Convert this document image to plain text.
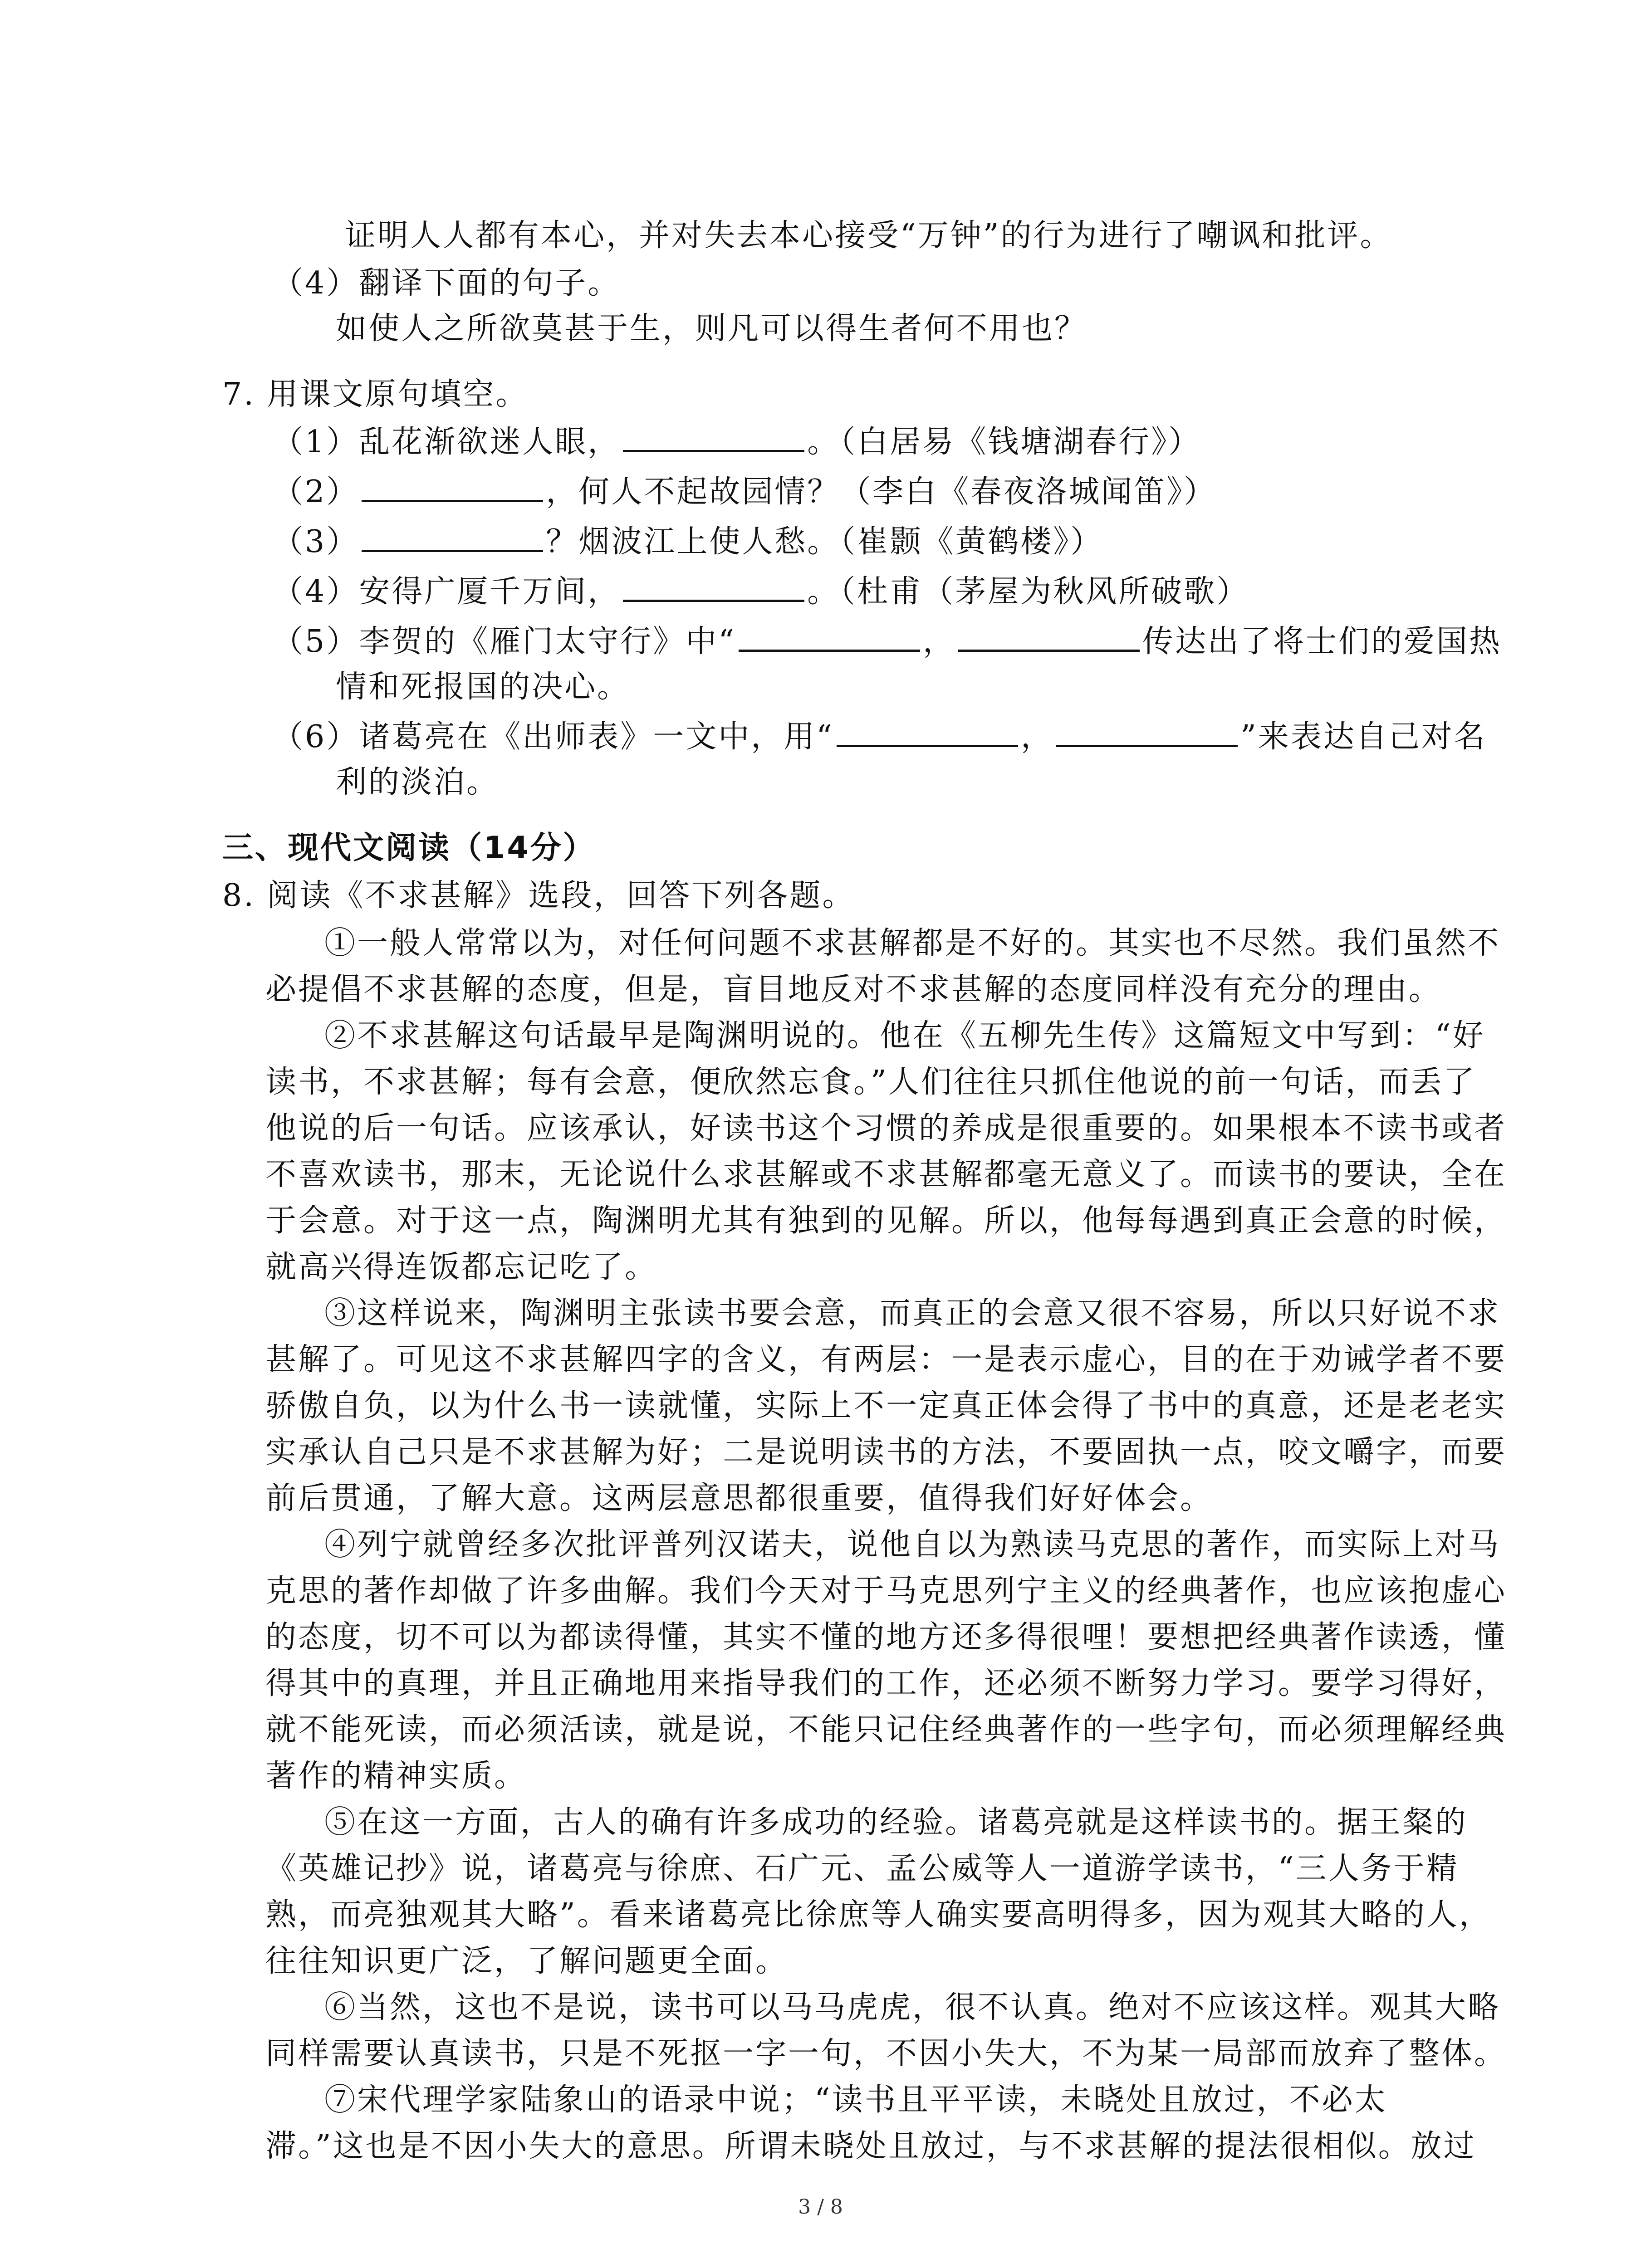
证明人人都有本心，并对失去本心接受“万钟”的行为进行了嘲讽和批评。
（4）翻译下面的句子。
如使人之所欲莫甚于生，则凡可以得生者何不用也？
7. 用课文原句填空。
（1）乱花渐欲迷人眼，	。（白居易《钱塘湖春行》）
（2）	，何人不起故园情？（李白《春夜洛城闻笛》）
（3）	？烟波江上使人愁。（崔颢《黄鹤楼》）
（4）安得广厦千万间，	。（杜甫（茅屋为秋风所破歌）
（5）李贺的《雁门太守行》中“	，	传达出了将士们的爱国热
情和死报国的决心。
（6）诸葛亮在《出师表》一文中，用“	，	”来表达自己对名
利的淡泊。
三、现代文阅读（14分）
8. 阅读《不求甚解》选段，回答下列各题。
①一般人常常以为，对任何问题不求甚解都是不好的。其实也不尽然。我们虽然不
必提倡不求甚解的态度，但是，盲目地反对不求甚解的态度同样没有充分的理由。
②不求甚解这句话最早是陶渊明说的。他在《五柳先生传》这篇短文中写到：“好
读书，不求甚解；每有会意，便欣然忘食。”人们往往只抓住他说的前一句话，而丢了
他说的后一句话。应该承认，好读书这个习惯的养成是很重要的。如果根本不读书或者
不喜欢读书，那末，无论说什么求甚解或不求甚解都毫无意义了。而读书的要诀，全在
于会意。对于这一点，陶渊明尤其有独到的见解。所以，他每每遇到真正会意的时候，
就高兴得连饭都忘记吃了。
③这样说来，陶渊明主张读书要会意，而真正的会意又很不容易，所以只好说不求
甚解了。可见这不求甚解四字的含义，有两层：一是表示虚心，目的在于劝诫学者不要
骄傲自负，以为什么书一读就懂，实际上不一定真正体会得了书中的真意，还是老老实
实承认自己只是不求甚解为好；二是说明读书的方法，不要固执一点，咬文嚼字，而要
前后贯通，了解大意。这两层意思都很重要，值得我们好好体会。
④列宁就曾经多次批评普列汉诺夫，说他自以为熟读马克思的著作，而实际上对马
克思的著作却做了许多曲解。我们今天对于马克思列宁主义的经典著作，也应该抱虚心
的态度，切不可以为都读得懂，其实不懂的地方还多得很哩！要想把经典著作读透，懂
得其中的真理，并且正确地用来指导我们的工作，还必须不断努力学习。要学习得好，
就不能死读，而必须活读，就是说，不能只记住经典著作的一些字句，而必须理解经典
著作的精神实质。
⑤在这一方面，古人的确有许多成功的经验。诸葛亮就是这样读书的。据王粲的
《英雄记抄》说，诸葛亮与徐庶、石广元、孟公威等人一道游学读书，“三人务于精
熟，而亮独观其大略”。看来诸葛亮比徐庶等人确实要高明得多，因为观其大略的人，
往往知识更广泛，了解问题更全面。
⑥当然，这也不是说，读书可以马马虎虎，很不认真。绝对不应该这样。观其大略
同样需要认真读书，只是不死抠一字一句，不因小失大，不为某一局部而放弃了整体。
⑦宋代理学家陆象山的语录中说；“读书且平平读，未晓处且放过，不必太
滞。”这也是不因小失大的意思。所谓未晓处且放过，与不求甚解的提法很相似。放过
3 / 8
